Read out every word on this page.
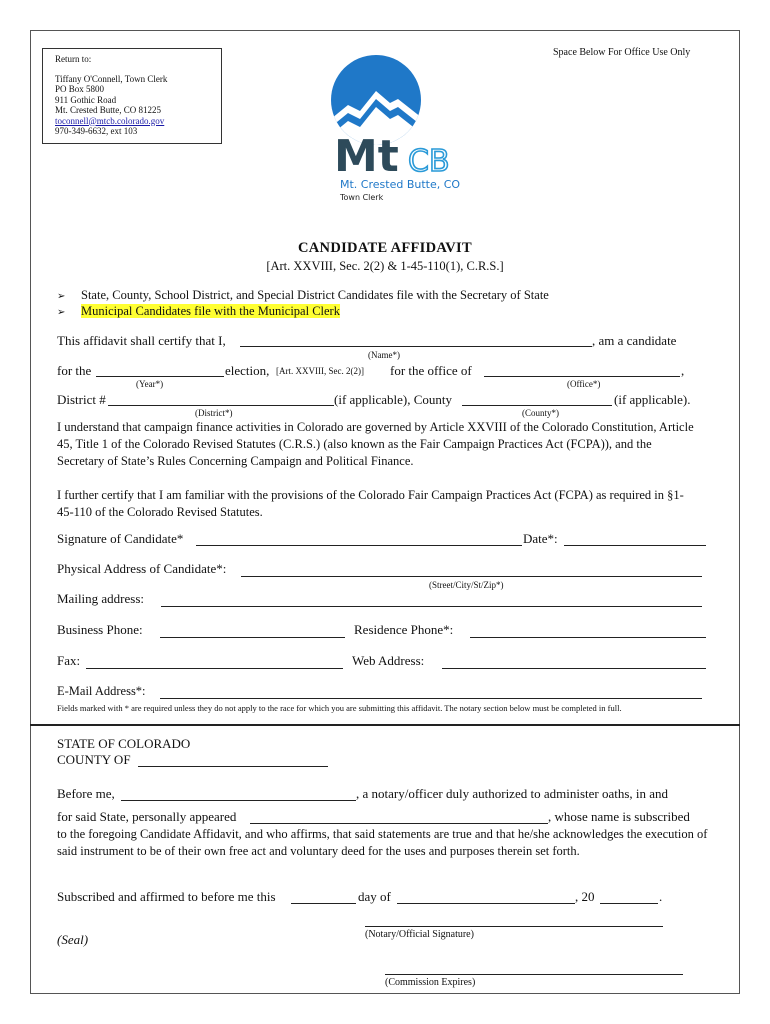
Return to:
Tiffany O'Connell, Town Clerk
PO Box 5800
911 Gothic Road
Mt. Crested Butte, CO 81225
toconnell@mtcb.colorado.gov
970-349-6632, ext 103
Space Below For Office Use Only
Mt CB
Mt. Crested Butte, CO
Town Clerk
CANDIDATE AFFIDAVIT
[Art. XXVIII, Sec. 2(2) & 1-45-110(1), C.R.S.]
➢ State, County, School District, and Special District Candidates file with the Secretary of State
➢ Municipal Candidates file with the Municipal Clerk
This affidavit shall certify that I,	, am a candidate
(Name*)
for the	election, [Art. XXVIII, Sec. 2(2)] for the office of	,
(Year*)	(Office*)
District #	(if applicable), County	(if applicable).
(District*)	(County*)
I understand that campaign finance activities in Colorado are governed by Article XXVIII of the Colorado Constitution, Article 45, Title 1 of the Colorado Revised Statutes (C.R.S.) (also known as the Fair Campaign Practices Act (FCPA)), and the Secretary of State’s Rules Concerning Campaign and Political Finance.
I further certify that I am familiar with the provisions of the Colorado Fair Campaign Practices Act (FCPA) as required in §1-45-110 of the Colorado Revised Statutes.
Signature of Candidate*	Date*:
Physical Address of Candidate*:
(Street/City/St/Zip*)
Mailing address:
Business Phone:	Residence Phone*:
Fax:	Web Address:
E-Mail Address*:
Fields marked with * are required unless they do not apply to the race for which you are submitting this affidavit. The notary section below must be completed in full.
STATE OF COLORADO
COUNTY OF
Before me,	, a notary/officer duly authorized to administer oaths, in and
for said State, personally appeared	, whose name is subscribed
to the foregoing Candidate Affidavit, and who affirms, that said statements are true and that he/she acknowledges the execution of said instrument to be of their own free act and voluntary deed for the uses and purposes therein set forth.
Subscribed and affirmed to before me this	day of	, 20	.
(Notary/Official Signature)
(Seal)
(Commission Expires)
